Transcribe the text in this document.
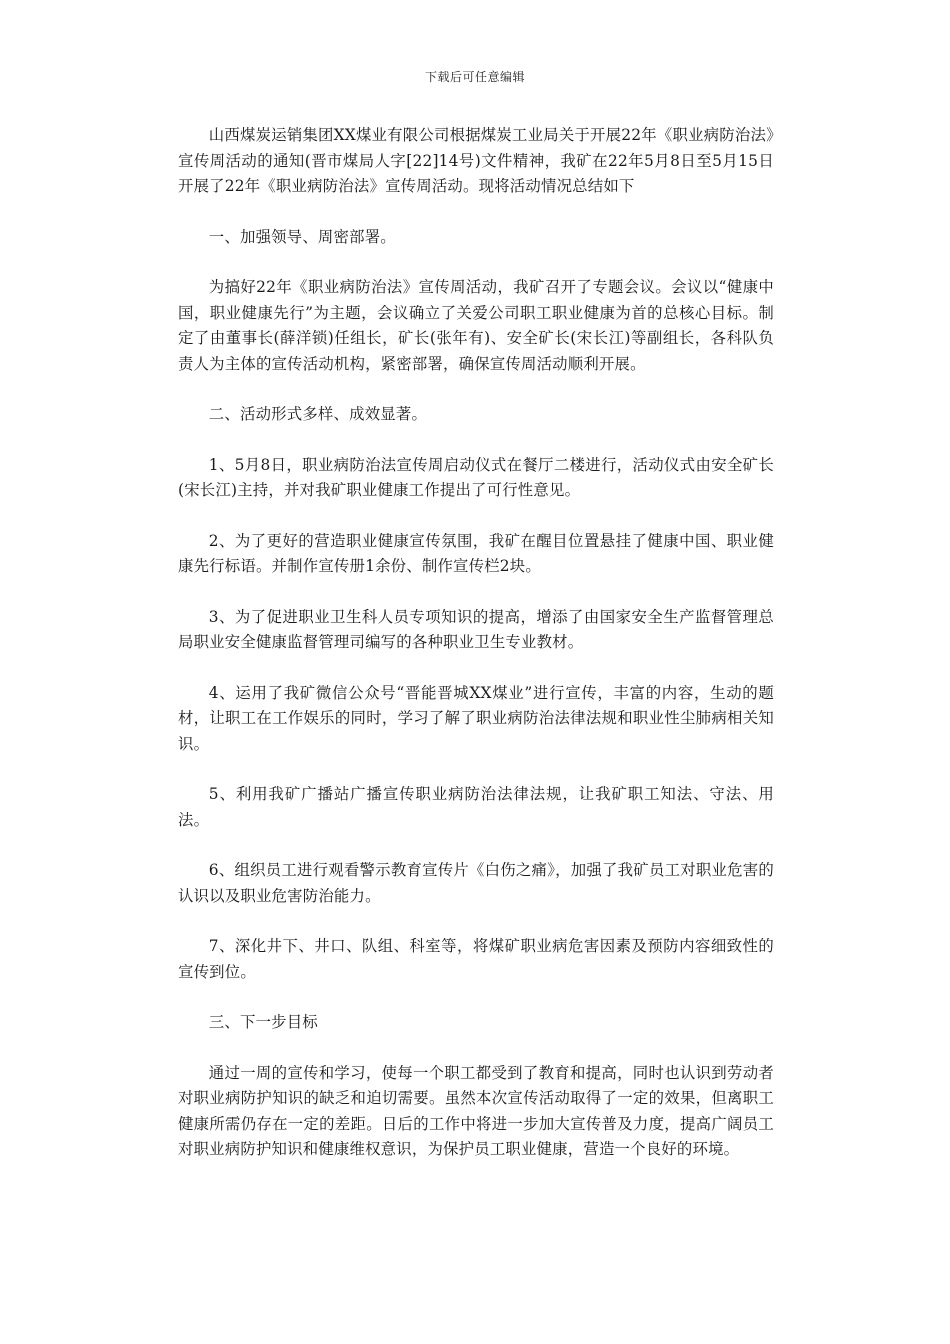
下载后可任意编辑

山西煤炭运销集团XX煤业有限公司根据煤炭工业局关于开展22年《职业病防治法》宣传周活动的通知(晋市煤局人字[22]14号)文件精神，我矿在22年5月8日至5月15日开展了22年《职业病防治法》宣传周活动。现将活动情况总结如下

一、加强领导、周密部署。

为搞好22年《职业病防治法》宣传周活动，我矿召开了专题会议。会议以“健康中国，职业健康先行”为主题，会议确立了关爱公司职工职业健康为首的总核心目标。制定了由董事长(薛洋锁)任组长，矿长(张年有)、安全矿长(宋长江)等副组长，各科队负责人为主体的宣传活动机构，紧密部署，确保宣传周活动顺利开展。

二、活动形式多样、成效显著。

1、5月8日，职业病防治法宣传周启动仪式在餐厅二楼进行，活动仪式由安全矿长(宋长江)主持，并对我矿职业健康工作提出了可行性意见。

2、为了更好的营造职业健康宣传氛围，我矿在醒目位置悬挂了健康中国、职业健康先行标语。并制作宣传册1余份、制作宣传栏2块。

3、为了促进职业卫生科人员专项知识的提高，增添了由国家安全生产监督管理总局职业安全健康监督管理司编写的各种职业卫生专业教材。

4、运用了我矿微信公众号“晋能晋城XX煤业”进行宣传，丰富的内容，生动的题材，让职工在工作娱乐的同时，学习了解了职业病防治法律法规和职业性尘肺病相关知识。

5、利用我矿广播站广播宣传职业病防治法律法规，让我矿职工知法、守法、用法。

6、组织员工进行观看警示教育宣传片《白伤之痛》，加强了我矿员工对职业危害的认识以及职业危害防治能力。

7、深化井下、井口、队组、科室等，将煤矿职业病危害因素及预防内容细致性的宣传到位。

三、下一步目标

通过一周的宣传和学习，使每一个职工都受到了教育和提高，同时也认识到劳动者对职业病防护知识的缺乏和迫切需要。虽然本次宣传活动取得了一定的效果，但离职工健康所需仍存在一定的差距。日后的工作中将进一步加大宣传普及力度，提高广阔员工对职业病防护知识和健康维权意识，为保护员工职业健康，营造一个良好的环境。
